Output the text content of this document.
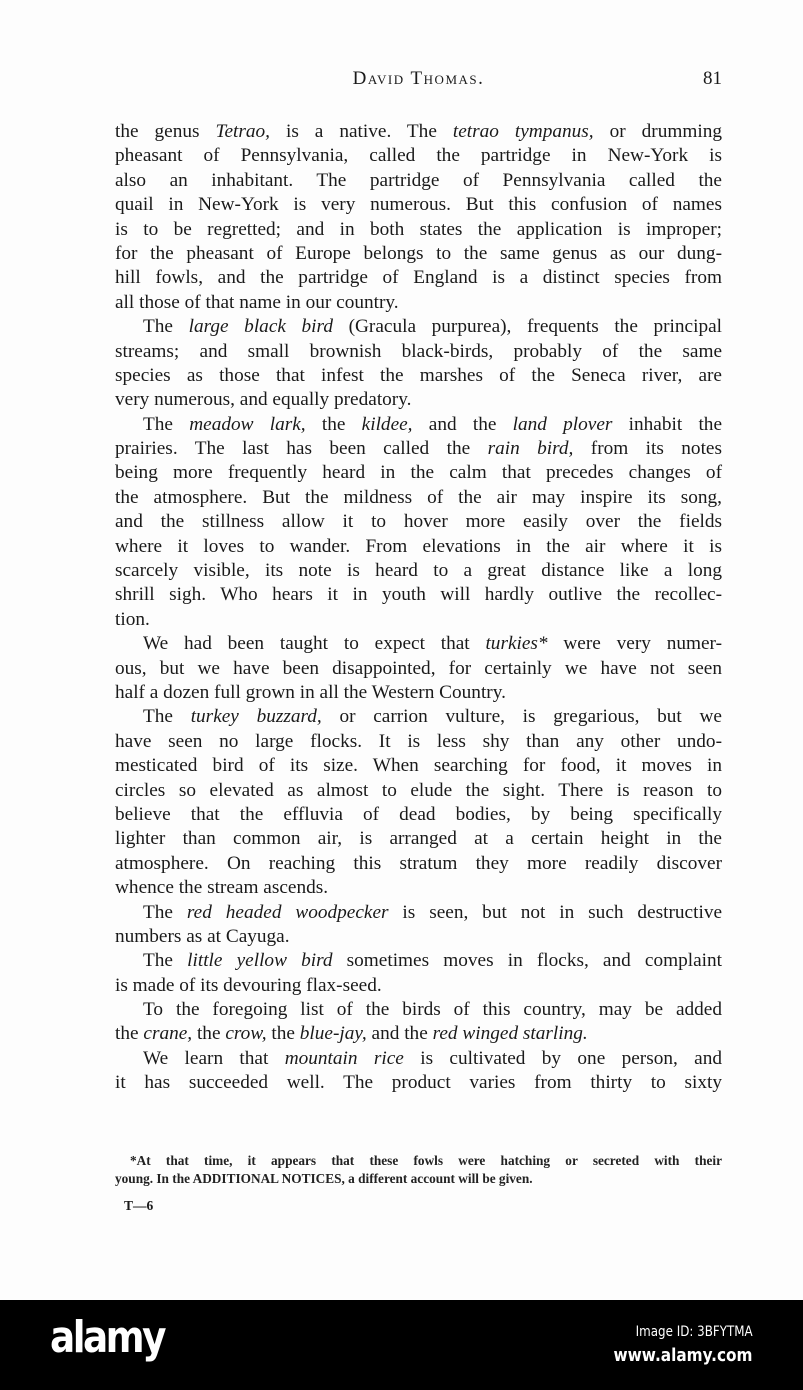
David Thomas.	81
the genus Tetrao, is a native. The tetrao tympanus, or drumming
pheasant of Pennsylvania, called the partridge in New-York is
also an inhabitant. The partridge of Pennsylvania called the
quail in New-York is very numerous. But this confusion of names
is to be regretted; and in both states the application is improper;
for the pheasant of Europe belongs to the same genus as our dung-
hill fowls, and the partridge of England is a distinct species from
all those of that name in our country.
The large black bird (Gracula purpurea), frequents the principal
streams; and small brownish black-birds, probably of the same
species as those that infest the marshes of the Seneca river, are
very numerous, and equally predatory.
The meadow lark, the kildee, and the land plover inhabit the
prairies. The last has been called the rain bird, from its notes
being more frequently heard in the calm that precedes changes of
the atmosphere. But the mildness of the air may inspire its song,
and the stillness allow it to hover more easily over the fields
where it loves to wander. From elevations in the air where it is
scarcely visible, its note is heard to a great distance like a long
shrill sigh. Who hears it in youth will hardly outlive the recollec-
tion.
We had been taught to expect that turkies* were very numer-
ous, but we have been disappointed, for certainly we have not seen
half a dozen full grown in all the Western Country.
The turkey buzzard, or carrion vulture, is gregarious, but we
have seen no large flocks. It is less shy than any other undo-
mesticated bird of its size. When searching for food, it moves in
circles so elevated as almost to elude the sight. There is reason to
believe that the effluvia of dead bodies, by being specifically
lighter than common air, is arranged at a certain height in the
atmosphere. On reaching this stratum they more readily discover
whence the stream ascends.
The red headed woodpecker is seen, but not in such destructive
numbers as at Cayuga.
The little yellow bird sometimes moves in flocks, and complaint
is made of its devouring flax-seed.
To the foregoing list of the birds of this country, may be added
the crane, the crow, the blue-jay, and the red winged starling.
We learn that mountain rice is cultivated by one person, and
it has succeeded well. The product varies from thirty to sixty
*At that time, it appears that these fowls were hatching or secreted with their
young. In the ADDITIONAL NOTICES, a different account will be given.
T—6
alamy	Image ID: 3BFYTMA
www.alamy.com
